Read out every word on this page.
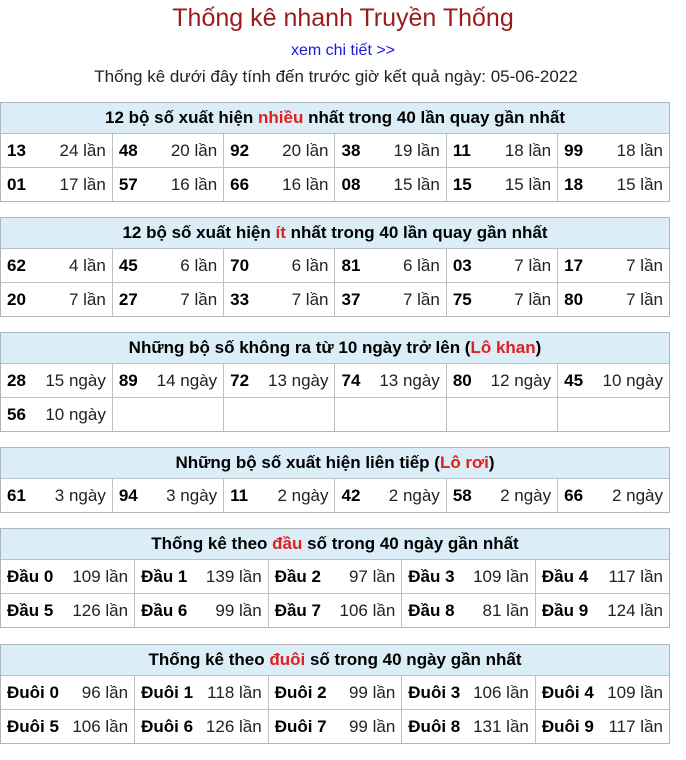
Thống kê nhanh Truyền Thống
xem chi tiết >>
Thống kê dưới đây tính đến trước giờ kết quả ngày: 05-06-2022
12 bộ số xuất hiện nhiều nhất trong 40 lần quay gần nhất
13 24 lần	48 20 lần	92 20 lần	38 19 lần	11 18 lần	99 18 lần

01 17 lần	57 16 lần	66 16 lần	08 15 lần	15 15 lần	18 15 lần
12 bộ số xuất hiện ít nhất trong 40 lần quay gần nhất
62 4 lần	45 6 lần	70 6 lần	81 6 lần	03 7 lần	17 7 lần

20 7 lần	27 7 lần	33 7 lần	37 7 lần	75 7 lần	80 7 lần
Những bộ số không ra từ 10 ngày trở lên (Lô khan)
28 15 ngày	89 14 ngày	72 13 ngày	74 13 ngày	80 12 ngày	45 10 ngày

56 10 ngày					

Những bộ số xuất hiện liên tiếp (Lô rơi)
61 3 ngày	94 3 ngày	11 2 ngày	42 2 ngày	58 2 ngày	66 2 ngày
Thống kê theo đầu số trong 40 ngày gần nhất
Đầu 0 109 lần	Đầu 1 139 lần	Đầu 2 97 lần	Đầu 3 109 lần	Đầu 4 117 lần

Đầu 5 126 lần	Đầu 6 99 lần	Đầu 7 106 lần	Đầu 8 81 lần	Đầu 9 124 lần
Thống kê theo đuôi số trong 40 ngày gần nhất
Đuôi 0 96 lần	Đuôi 1 118 lần	Đuôi 2 99 lần	Đuôi 3 106 lần	Đuôi 4 109 lần

Đuôi 5 106 lần	Đuôi 6 126 lần	Đuôi 7 99 lần	Đuôi 8 131 lần	Đuôi 9 117 lần
